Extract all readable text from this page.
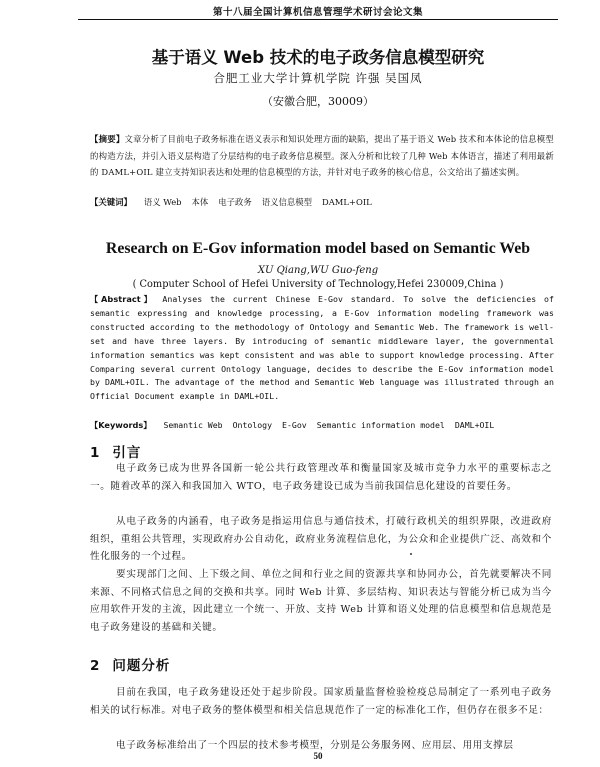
第十八届全国计算机信息管理学术研讨会论文集
基于语义 Web 技术的电子政务信息模型研究
合肥工业大学计算机学院 许强 吴国凤
（安徽合肥，30009）
【摘要】文章分析了目前电子政务标准在语义表示和知识处理方面的缺陷，提出了基于语义 Web 技术和本体论的信息模型的构造方法，并引入语义层构造了分层结构的电子政务信息模型。深入分析和比较了几种 Web 本体语言，描述了利用最新的 DAML+OIL 建立支持知识表达和处理的信息模型的方法，并针对电子政务的核心信息，公文给出了描述实例。
【关键词】 语义 Web 本体 电子政务 语义信息模型 DAML+OIL
Research on E-Gov information model based on Semantic Web
XU Qiang,WU Guo-feng
( Computer School of Hefei University of Technology,Hefei 230009,China )
【Abstract】 Analyses the current Chinese E-Gov standard. To solve the deficiencies of semantic expressing and knowledge processing, a E-Gov information modeling framework was constructed according to the methodology of Ontology and Semantic Web. The framework is well-set and have three layers. By introducing of semantic middleware layer, the governmental information semantics was kept consistent and was able to support knowledge processing. After Comparing several current Ontology language, decides to describe the E-Gov information model by DAML+OIL. The advantage of the method and Semantic Web language was illustrated through an Official Document example in DAML+OIL.
【Keywords】 Semantic Web Ontology E-Gov Semantic information model DAML+OIL
1 引言
电子政务已成为世界各国新一轮公共行政管理改革和衡量国家及城市竞争力水平的重要标志之一。随着改革的深入和我国加入 WTO，电子政务建设已成为当前我国信息化建设的首要任务。
从电子政务的内涵看，电子政务是指运用信息与通信技术，打破行政机关的组织界限，改进政府组织，重组公共管理，实现政府办公自动化，政府业务流程信息化，为公众和企业提供广泛、高效和个性化服务的一个过程。
要实现部门之间、上下级之间、单位之间和行业之间的资源共享和协同办公，首先就要解决不同来源、不同格式信息之间的交换和共享。同时 Web 计算、多层结构、知识表达与智能分析已成为当今应用软件开发的主流，因此建立一个统一、开放、支持 Web 计算和语义处理的信息模型和信息规范是电子政务建设的基础和关键。
2 问题分析
目前在我国，电子政务建设还处于起步阶段。国家质量监督检验检疫总局制定了一系列电子政务相关的试行标准。对电子政务的整体模型和相关信息规范作了一定的标准化工作，但仍存在很多不足：
电子政务标准给出了一个四层的技术参考模型，分别是公务服务网、应用层、用用支撑层
50
